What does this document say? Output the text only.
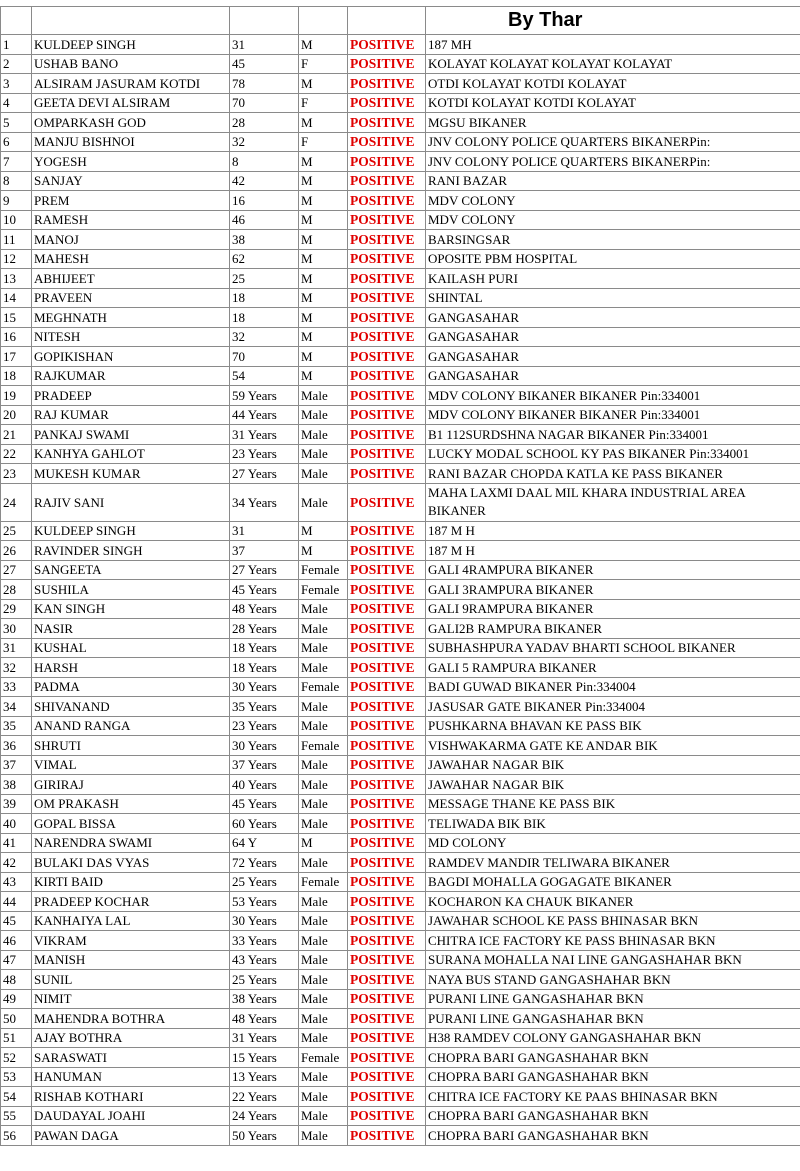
					By Thar
1	KULDEEP SINGH	31	M	POSITIVE	187 MH
2	USHAB BANO	45	F	POSITIVE	KOLAYAT KOLAYAT KOLAYAT KOLAYAT
3	ALSIRAM JASURAM KOTDI	78	M	POSITIVE	OTDI KOLAYAT KOTDI KOLAYAT
4	GEETA DEVI ALSIRAM	70	F	POSITIVE	KOTDI KOLAYAT KOTDI KOLAYAT
5	OMPARKASH GOD	28	M	POSITIVE	MGSU BIKANER
6	MANJU BISHNOI	32	F	POSITIVE	JNV COLONY POLICE QUARTERS BIKANERPin:
7	YOGESH	8	M	POSITIVE	JNV COLONY POLICE QUARTERS BIKANERPin:
8	SANJAY	42	M	POSITIVE	RANI BAZAR
9	PREM	16	M	POSITIVE	MDV COLONY
10	RAMESH	46	M	POSITIVE	MDV COLONY
11	MANOJ	38	M	POSITIVE	BARSINGSAR
12	MAHESH	62	M	POSITIVE	OPOSITE PBM HOSPITAL
13	ABHIJEET	25	M	POSITIVE	KAILASH PURI
14	PRAVEEN	18	M	POSITIVE	SHINTAL
15	MEGHNATH	18	M	POSITIVE	GANGASAHAR
16	NITESH	32	M	POSITIVE	GANGASAHAR
17	GOPIKISHAN	70	M	POSITIVE	GANGASAHAR
18	RAJKUMAR	54	M	POSITIVE	GANGASAHAR
19	PRADEEP	59 Years	Male	POSITIVE	MDV COLONY BIKANER BIKANER Pin:334001
20	RAJ KUMAR	44 Years	Male	POSITIVE	MDV COLONY BIKANER BIKANER Pin:334001
21	PANKAJ SWAMI	31 Years	Male	POSITIVE	B1 112SURDSHNA NAGAR BIKANER Pin:334001
22	KANHYA GAHLOT	23 Years	Male	POSITIVE	LUCKY MODAL SCHOOL KY PAS BIKANER Pin:334001
23	MUKESH KUMAR	27 Years	Male	POSITIVE	RANI BAZAR CHOPDA KATLA KE PASS BIKANER
24	RAJIV SANI	34 Years	Male	POSITIVE	MAHA LAXMI DAAL MIL KHARA INDUSTRIAL AREA BIKANER
25	KULDEEP SINGH	31	M	POSITIVE	187 M H
26	RAVINDER SINGH	37	M	POSITIVE	187 M H
27	SANGEETA	27 Years	Female	POSITIVE	GALI 4RAMPURA BIKANER
28	SUSHILA	45 Years	Female	POSITIVE	GALI 3RAMPURA BIKANER
29	KAN SINGH	48 Years	Male	POSITIVE	GALI 9RAMPURA BIKANER
30	NASIR	28 Years	Male	POSITIVE	GALI2B RAMPURA BIKANER
31	KUSHAL	18 Years	Male	POSITIVE	SUBHASHPURA YADAV BHARTI SCHOOL BIKANER
32	HARSH	18 Years	Male	POSITIVE	GALI 5 RAMPURA BIKANER
33	PADMA	30 Years	Female	POSITIVE	BADI GUWAD BIKANER Pin:334004
34	SHIVANAND	35 Years	Male	POSITIVE	JASUSAR GATE BIKANER Pin:334004
35	ANAND RANGA	23 Years	Male	POSITIVE	PUSHKARNA BHAVAN KE PASS BIK
36	SHRUTI	30 Years	Female	POSITIVE	VISHWAKARMA GATE KE ANDAR BIK
37	VIMAL	37 Years	Male	POSITIVE	JAWAHAR NAGAR BIK
38	GIRIRAJ	40 Years	Male	POSITIVE	JAWAHAR NAGAR BIK
39	OM PRAKASH	45 Years	Male	POSITIVE	MESSAGE THANE KE PASS BIK
40	GOPAL BISSA	60 Years	Male	POSITIVE	TELIWADA BIK BIK
41	NARENDRA SWAMI	64 Y	M	POSITIVE	MD COLONY
42	BULAKI DAS VYAS	72 Years	Male	POSITIVE	RAMDEV MANDIR TELIWARA BIKANER
43	KIRTI BAID	25 Years	Female	POSITIVE	BAGDI MOHALLA GOGAGATE BIKANER
44	PRADEEP KOCHAR	53 Years	Male	POSITIVE	KOCHARON KA CHAUK BIKANER
45	KANHAIYA LAL	30 Years	Male	POSITIVE	JAWAHAR SCHOOL KE PASS BHINASAR BKN
46	VIKRAM	33 Years	Male	POSITIVE	CHITRA ICE FACTORY KE PASS BHINASAR BKN
47	MANISH	43 Years	Male	POSITIVE	SURANA MOHALLA NAI LINE GANGASHAHAR BKN
48	SUNIL	25 Years	Male	POSITIVE	NAYA BUS STAND GANGASHAHAR BKN
49	NIMIT	38 Years	Male	POSITIVE	PURANI LINE GANGASHAHAR BKN
50	MAHENDRA BOTHRA	48 Years	Male	POSITIVE	PURANI LINE GANGASHAHAR BKN
51	AJAY BOTHRA	31 Years	Male	POSITIVE	H38 RAMDEV COLONY GANGASHAHAR BKN
52	SARASWATI	15 Years	Female	POSITIVE	CHOPRA BARI GANGASHAHAR BKN
53	HANUMAN	13 Years	Male	POSITIVE	CHOPRA BARI GANGASHAHAR BKN
54	RISHAB KOTHARI	22 Years	Male	POSITIVE	CHITRA ICE FACTORY KE PAAS BHINASAR BKN
55	DAUDAYAL JOAHI	24 Years	Male	POSITIVE	CHOPRA BARI GANGASHAHAR BKN
56	PAWAN DAGA	50 Years	Male	POSITIVE	CHOPRA BARI GANGASHAHAR BKN
